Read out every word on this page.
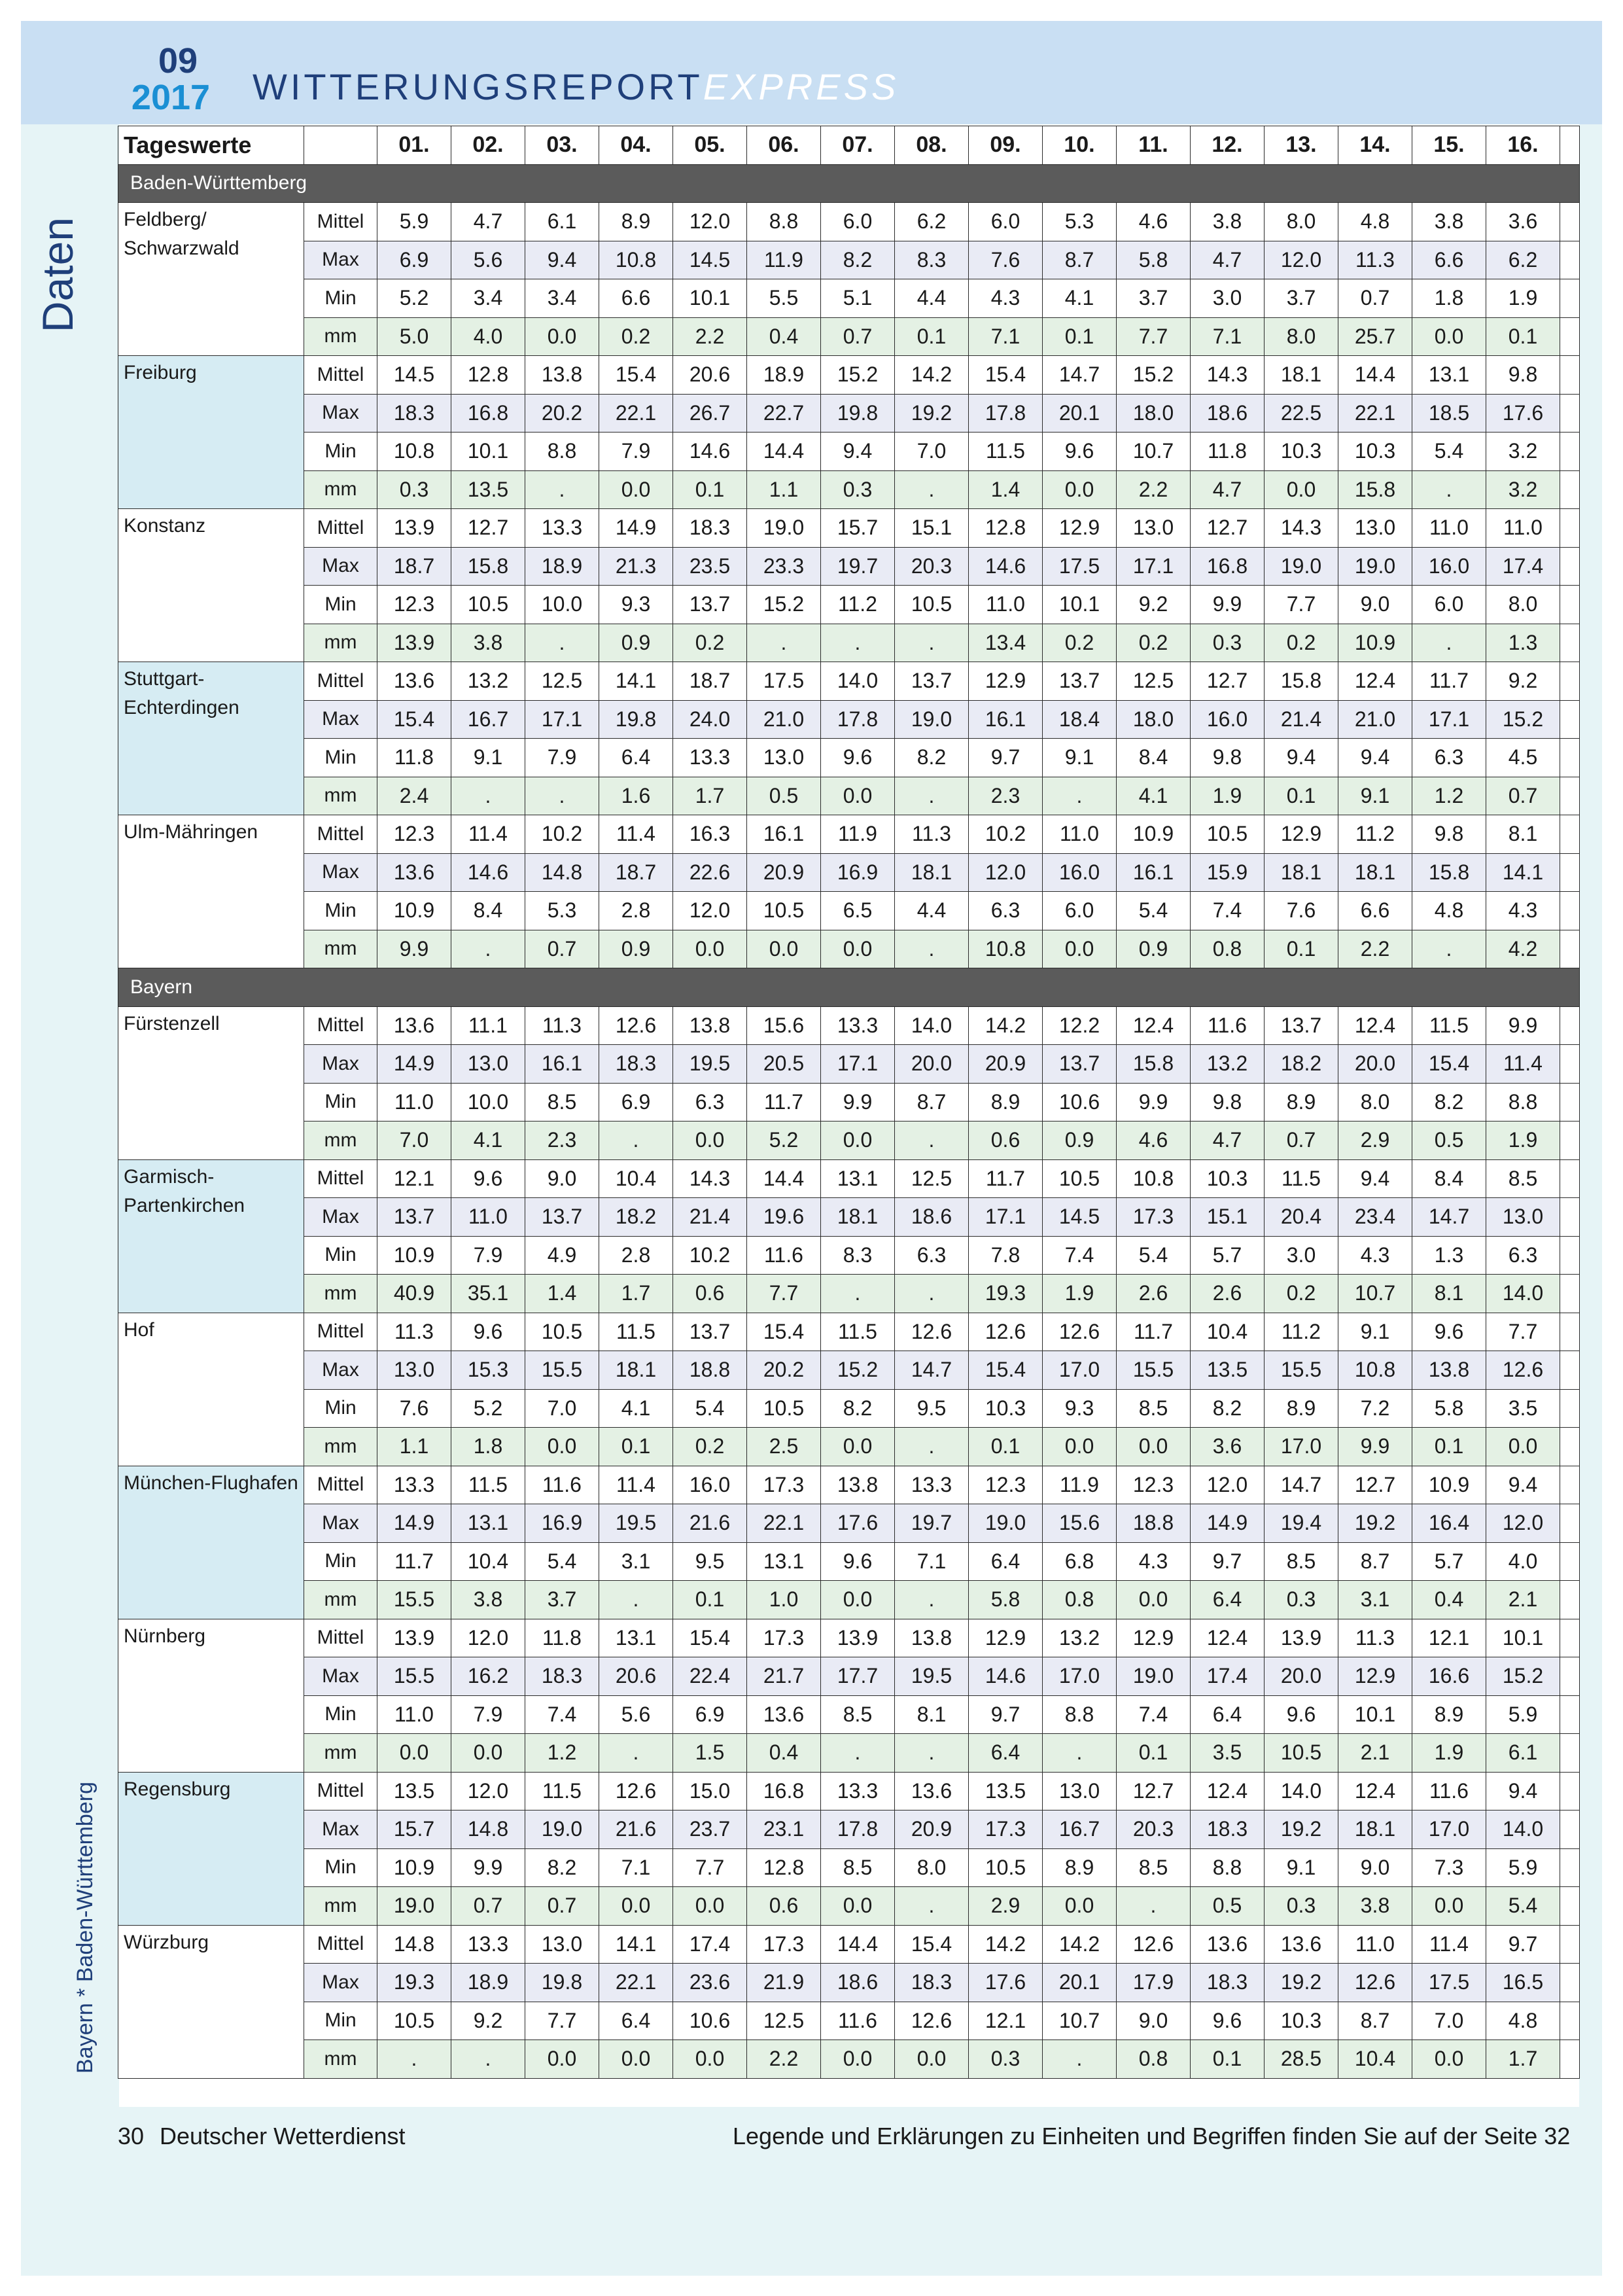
09
2017 WITTERUNGSREPORTEXPRESS
Daten
Bayern * Baden-Württemberg
Tageswerte		01.	02.	03.	04.	05.	06.	07.	08.	09.	10.	11.	12.	13.	14.	15.	16.	
Baden-Württemberg																		
Feldberg/ Schwarzwald	Mittel	5.9	4.7	6.1	8.9	12.0	8.8	6.0	6.2	6.0	5.3	4.6	3.8	8.0	4.8	3.8	3.6	
	Max	6.9	5.6	9.4	10.8	14.5	11.9	8.2	8.3	7.6	8.7	5.8	4.7	12.0	11.3	6.6	6.2	
	Min	5.2	3.4	3.4	6.6	10.1	5.5	5.1	4.4	4.3	4.1	3.7	3.0	3.7	0.7	1.8	1.9	
	mm	5.0	4.0	0.0	0.2	2.2	0.4	0.7	0.1	7.1	0.1	7.7	7.1	8.0	25.7	0.0	0.1	
Freiburg	Mittel	14.5	12.8	13.8	15.4	20.6	18.9	15.2	14.2	15.4	14.7	15.2	14.3	18.1	14.4	13.1	9.8	
	Max	18.3	16.8	20.2	22.1	26.7	22.7	19.8	19.2	17.8	20.1	18.0	18.6	22.5	22.1	18.5	17.6	
	Min	10.8	10.1	8.8	7.9	14.6	14.4	9.4	7.0	11.5	9.6	10.7	11.8	10.3	10.3	5.4	3.2	
	mm	0.3	13.5	.	0.0	0.1	1.1	0.3	.	1.4	0.0	2.2	4.7	0.0	15.8	.	3.2	
Konstanz	Mittel	13.9	12.7	13.3	14.9	18.3	19.0	15.7	15.1	12.8	12.9	13.0	12.7	14.3	13.0	11.0	11.0	
	Max	18.7	15.8	18.9	21.3	23.5	23.3	19.7	20.3	14.6	17.5	17.1	16.8	19.0	19.0	16.0	17.4	
	Min	12.3	10.5	10.0	9.3	13.7	15.2	11.2	10.5	11.0	10.1	9.2	9.9	7.7	9.0	6.0	8.0	
	mm	13.9	3.8	.	0.9	0.2	.	.	.	13.4	0.2	0.2	0.3	0.2	10.9	.	1.3	
Stuttgart-Echterdingen	Mittel	13.6	13.2	12.5	14.1	18.7	17.5	14.0	13.7	12.9	13.7	12.5	12.7	15.8	12.4	11.7	9.2	
	Max	15.4	16.7	17.1	19.8	24.0	21.0	17.8	19.0	16.1	18.4	18.0	16.0	21.4	21.0	17.1	15.2	
	Min	11.8	9.1	7.9	6.4	13.3	13.0	9.6	8.2	9.7	9.1	8.4	9.8	9.4	9.4	6.3	4.5	
	mm	2.4	.	.	1.6	1.7	0.5	0.0	.	2.3	.	4.1	1.9	0.1	9.1	1.2	0.7	
Ulm-Mähringen	Mittel	12.3	11.4	10.2	11.4	16.3	16.1	11.9	11.3	10.2	11.0	10.9	10.5	12.9	11.2	9.8	8.1	
	Max	13.6	14.6	14.8	18.7	22.6	20.9	16.9	18.1	12.0	16.0	16.1	15.9	18.1	18.1	15.8	14.1	
	Min	10.9	8.4	5.3	2.8	12.0	10.5	6.5	4.4	6.3	6.0	5.4	7.4	7.6	6.6	4.8	4.3	
	mm	9.9	.	0.7	0.9	0.0	0.0	0.0	.	10.8	0.0	0.9	0.8	0.1	2.2	.	4.2	
Bayern																		
Fürstenzell	Mittel	13.6	11.1	11.3	12.6	13.8	15.6	13.3	14.0	14.2	12.2	12.4	11.6	13.7	12.4	11.5	9.9	
	Max	14.9	13.0	16.1	18.3	19.5	20.5	17.1	20.0	20.9	13.7	15.8	13.2	18.2	20.0	15.4	11.4	
	Min	11.0	10.0	8.5	6.9	6.3	11.7	9.9	8.7	8.9	10.6	9.9	9.8	8.9	8.0	8.2	8.8	
	mm	7.0	4.1	2.3	.	0.0	5.2	0.0	.	0.6	0.9	4.6	4.7	0.7	2.9	0.5	1.9	
Garmisch-Partenkirchen	Mittel	12.1	9.6	9.0	10.4	14.3	14.4	13.1	12.5	11.7	10.5	10.8	10.3	11.5	9.4	8.4	8.5	
	Max	13.7	11.0	13.7	18.2	21.4	19.6	18.1	18.6	17.1	14.5	17.3	15.1	20.4	23.4	14.7	13.0	
	Min	10.9	7.9	4.9	2.8	10.2	11.6	8.3	6.3	7.8	7.4	5.4	5.7	3.0	4.3	1.3	6.3	
	mm	40.9	35.1	1.4	1.7	0.6	7.7	.	.	19.3	1.9	2.6	2.6	0.2	10.7	8.1	14.0	
Hof	Mittel	11.3	9.6	10.5	11.5	13.7	15.4	11.5	12.6	12.6	12.6	11.7	10.4	11.2	9.1	9.6	7.7	
	Max	13.0	15.3	15.5	18.1	18.8	20.2	15.2	14.7	15.4	17.0	15.5	13.5	15.5	10.8	13.8	12.6	
	Min	7.6	5.2	7.0	4.1	5.4	10.5	8.2	9.5	10.3	9.3	8.5	8.2	8.9	7.2	5.8	3.5	
	mm	1.1	1.8	0.0	0.1	0.2	2.5	0.0	.	0.1	0.0	0.0	3.6	17.0	9.9	0.1	0.0	
München-Flughafen	Mittel	13.3	11.5	11.6	11.4	16.0	17.3	13.8	13.3	12.3	11.9	12.3	12.0	14.7	12.7	10.9	9.4	
	Max	14.9	13.1	16.9	19.5	21.6	22.1	17.6	19.7	19.0	15.6	18.8	14.9	19.4	19.2	16.4	12.0	
	Min	11.7	10.4	5.4	3.1	9.5	13.1	9.6	7.1	6.4	6.8	4.3	9.7	8.5	8.7	5.7	4.0	
	mm	15.5	3.8	3.7	.	0.1	1.0	0.0	.	5.8	0.8	0.0	6.4	0.3	3.1	0.4	2.1	
Nürnberg	Mittel	13.9	12.0	11.8	13.1	15.4	17.3	13.9	13.8	12.9	13.2	12.9	12.4	13.9	11.3	12.1	10.1	
	Max	15.5	16.2	18.3	20.6	22.4	21.7	17.7	19.5	14.6	17.0	19.0	17.4	20.0	12.9	16.6	15.2	
	Min	11.0	7.9	7.4	5.6	6.9	13.6	8.5	8.1	9.7	8.8	7.4	6.4	9.6	10.1	8.9	5.9	
	mm	0.0	0.0	1.2	.	1.5	0.4	.	.	6.4	.	0.1	3.5	10.5	2.1	1.9	6.1	
Regensburg	Mittel	13.5	12.0	11.5	12.6	15.0	16.8	13.3	13.6	13.5	13.0	12.7	12.4	14.0	12.4	11.6	9.4	
	Max	15.7	14.8	19.0	21.6	23.7	23.1	17.8	20.9	17.3	16.7	20.3	18.3	19.2	18.1	17.0	14.0	
	Min	10.9	9.9	8.2	7.1	7.7	12.8	8.5	8.0	10.5	8.9	8.5	8.8	9.1	9.0	7.3	5.9	
	mm	19.0	0.7	0.7	0.0	0.0	0.6	0.0	.	2.9	0.0	.	0.5	0.3	3.8	0.0	5.4	
Würzburg	Mittel	14.8	13.3	13.0	14.1	17.4	17.3	14.4	15.4	14.2	14.2	12.6	13.6	13.6	11.0	11.4	9.7	
	Max	19.3	18.9	19.8	22.1	23.6	21.9	18.6	18.3	17.6	20.1	17.9	18.3	19.2	12.6	17.5	16.5	
	Min	10.5	9.2	7.7	6.4	10.6	12.5	11.6	12.6	12.1	10.7	9.0	9.6	10.3	8.7	7.0	4.8	
	mm	.	.	0.0	0.0	0.0	2.2	0.0	0.0	0.3	.	0.8	0.1	28.5	10.4	0.0	1.7	
30 Deutscher Wetterdienst	Legende und Erklärungen zu Einheiten und Begriffen finden Sie auf der Seite 32
